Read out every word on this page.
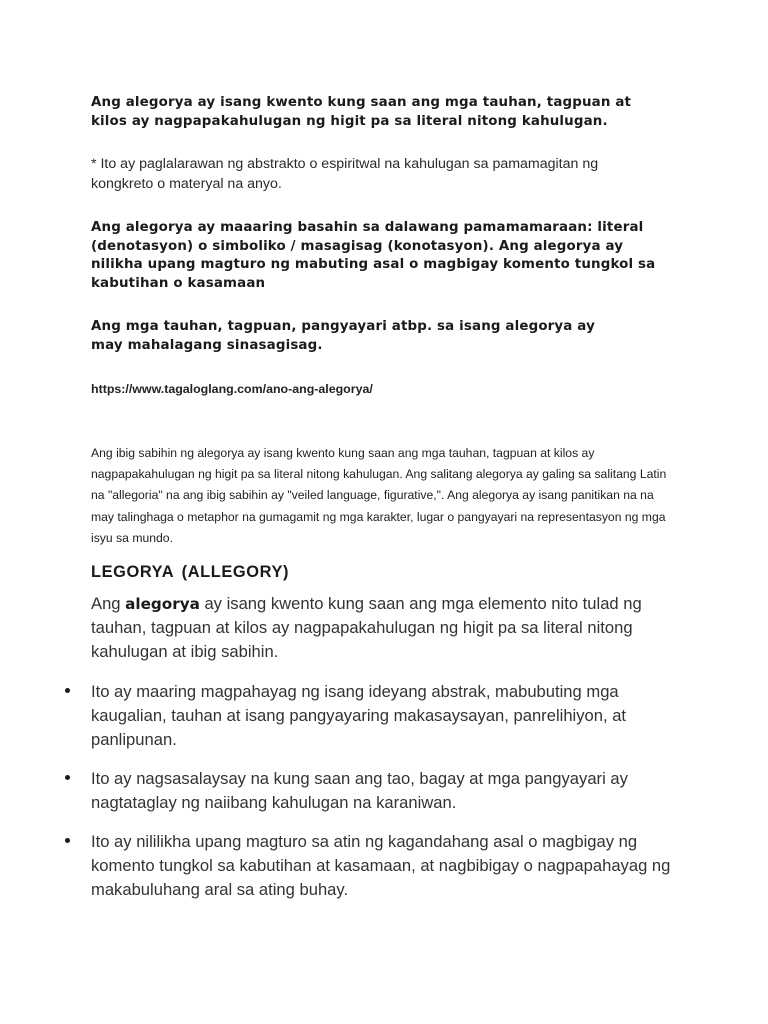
Ang alegorya ay isang kwento kung saan ang mga tauhan, tagpuan at kilos ay nagpapakahulugan ng higit pa sa literal nitong kahulugan.

* Ito ay paglalarawan ng abstrakto o espiritwal na kahulugan sa pamamagitan ng kongkreto o materyal na anyo.

Ang alegorya ay maaaring basahin sa dalawang pamamamaraan: literal (denotasyon) o simboliko / masagisag (konotasyon). Ang alegorya ay nilikha upang magturo ng mabuting asal o magbigay komento tungkol sa kabutihan o kasamaan

Ang mga tauhan, tagpuan, pangyayari atbp. sa isang alegorya ay may mahalagang sinasagisag.

https://www.tagaloglang.com/ano-ang-alegorya/

Ang ibig sabihin ng alegorya ay isang kwento kung saan ang mga tauhan, tagpuan at kilos ay nagpapakahulugan ng higit pa sa literal nitong kahulugan. Ang salitang alegorya ay galing sa salitang Latin na "allegoria" na ang ibig sabihin ay "veiled language, figurative,". Ang alegorya ay isang panitikan na na may talinghaga o metaphor na gumagamit ng mga karakter, lugar o pangyayari na representasyon ng mga isyu sa mundo.

LEGORYA (ALLEGORY)

Ang alegorya ay isang kwento kung saan ang mga elemento nito tulad ng tauhan, tagpuan at kilos ay nagpapakahulugan ng higit pa sa literal nitong kahulugan at ibig sabihin.

Ito ay maaring magpahayag ng isang ideyang abstrak, mabubuting mga kaugalian, tauhan at isang pangyayaring makasaysayan, panrelihiyon, at panlipunan.

Ito ay nagsasalaysay na kung saan ang tao, bagay at mga pangyayari ay nagtataglay ng naiibang kahulugan na karaniwan.

Ito ay nililikha upang magturo sa atin ng kagandahang asal o magbigay ng komento tungkol sa kabutihan at kasamaan, at nagbibigay o nagpapahayag ng makabuluhang aral sa ating buhay.
